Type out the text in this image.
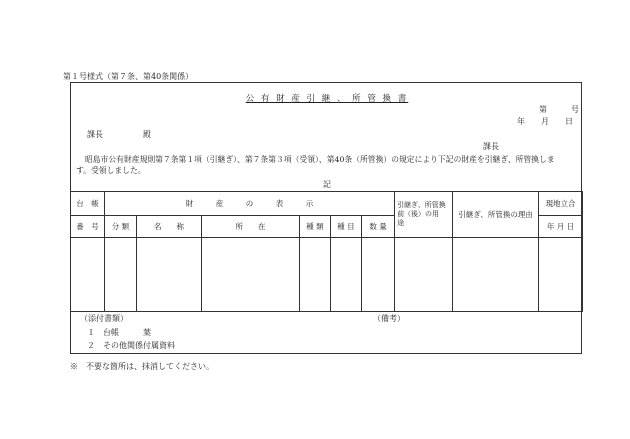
第１号様式（第７条、第40条関係）
公 有 財 産 引 継 、 所 管 換 書
第　　　号
年　　月　　日
課長　　　　　殿
課長
昭島市公有財産規則第７条第１項（引継ぎ）、第７条第３項（受領）、第40条（所管換）の規定により下記の財産を引継ぎ、所管換しま
す。受領しました。
記
台　帳	財　　　産　　　の　　　表　　　示						引継ぎ、所管換前（後）の用　　途	引継ぎ、所管換の理由	現地立合
番　号	分 類	名　　称	所　　在	種 類	種 目	数 量			年 月 日

（添付書類）	（備考）
１　台帳　　　葉
２　その他関係付属資料
※　不要な箇所は、抹消してください。
